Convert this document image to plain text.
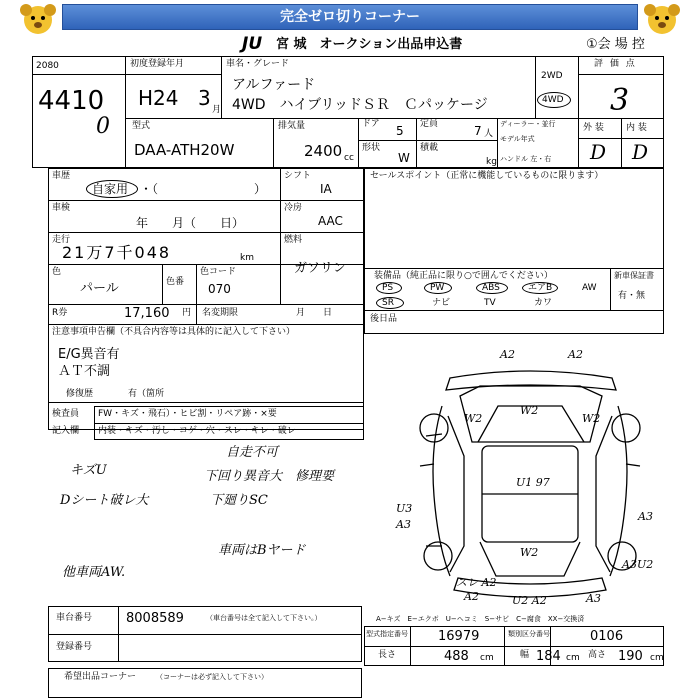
完全ゼロ切りコーナー
JU 宮 城　オークション出品申込書	①会 場 控
2080
4410
0
初度登録年月
H24 3 月
車名・グレード
アルファード
4WD　ハイブリッドＳＲ　Ｃパッケージ
2WD
4WD
評 価 点
3
型式
DAA-ATH20W
排気量
2400 cc
ドア 5 定員	7 人
形状
W
積載
kg
ディーラー・並行
モデル年式
ハンドル 左・右
外 装 内 装
D D
車歴
自家用 ・（　　　　　　　　）
シフト
IA
車検
年　　月（　　日）
冷房
AAC
走行
21万7千048	km
燃料
ガソリン
色
パール	色番
色コード
070
R券	17,160 円 名変期限	月　　日
注意事項申告欄（不具合内容等は具体的に記入して下さい）
E/G異音有
ＡＴ不調
修復歴	有（箇所
検査員
記入欄
FW・キズ・飛石）・ヒビ割・リペア跡・×要
内装・キズ・汚し・コゲ・穴・スレ・キレ・破レ
セールスポイント（正常に機能しているものに限ります）
装備品（純正品に限り○で囲んでください）	新車保証書
有・無
PS	PW	ABS	エアB	AW
SR	ナビ	TV	カワ
後日品
自走不可
下回り異音大　修理要
下廻りSC
車両はBヤード
キズU
Dシート破レ大
他車両AW.
A2	A2
W2
W2
W2
U1 97
U3
A3
A3
W2
A3U2
スレ A2
A2	U2 A2	A3
車台番号	8008589	（車台番号は全て記入して下さい。）
登録番号
A−キズ　E−エクボ　U−ヘコミ　S−サビ　C−腐食　XX−交換済
型式指定番号 16979	類別区分番号	0106
長さ	488 cm	幅 184 cm 高さ 190 cm
希望出品コーナー	（コーナーは必ず記入して下さい）
